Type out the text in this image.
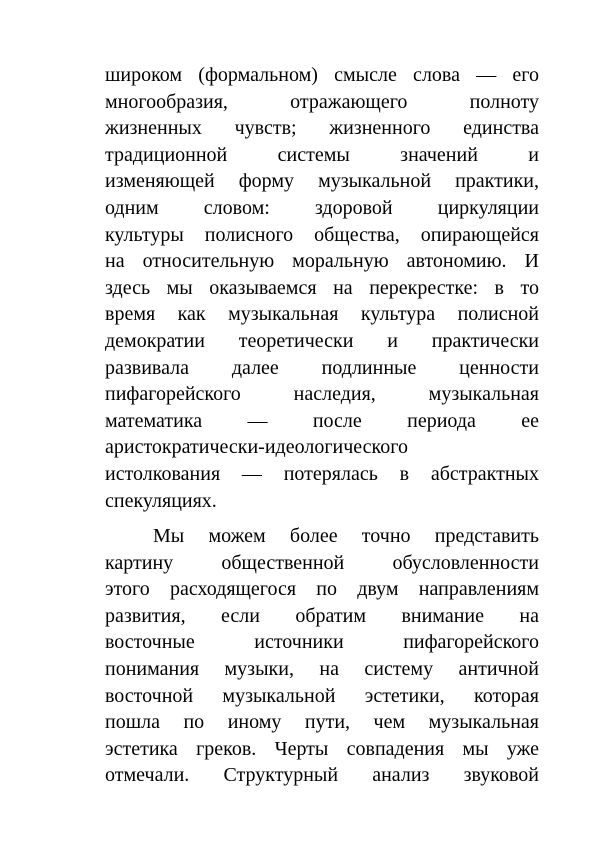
широком (формальном) смысле слова — его
многообразия, отражающего полноту
жизненных чувств; жизненного единства
традиционной системы значений и
изменяющей форму музыкальной практики,
одним словом: здоровой циркуляции
культуры полисного общества, опирающейся
на относительную моральную автономию. И
здесь мы оказываемся на перекрестке: в то
время как музыкальная культура полисной
демократии теоретически и практически
развивала далее подлинные ценности
пифагорейского наследия, музыкальная
математика — после периода ее
аристократически-идеологического
истолкования — потерялась в абстрактных
спекуляциях.
Мы можем более точно представить
картину общественной обусловленности
этого расходящегося по двум направлениям
развития, если обратим внимание на
восточные источники пифагорейского
понимания музыки, на систему античной
восточной музыкальной эстетики, которая
пошла по иному пути, чем музыкальная
эстетика греков. Черты совпадения мы уже
отмечали. Структурный анализ звуковой
